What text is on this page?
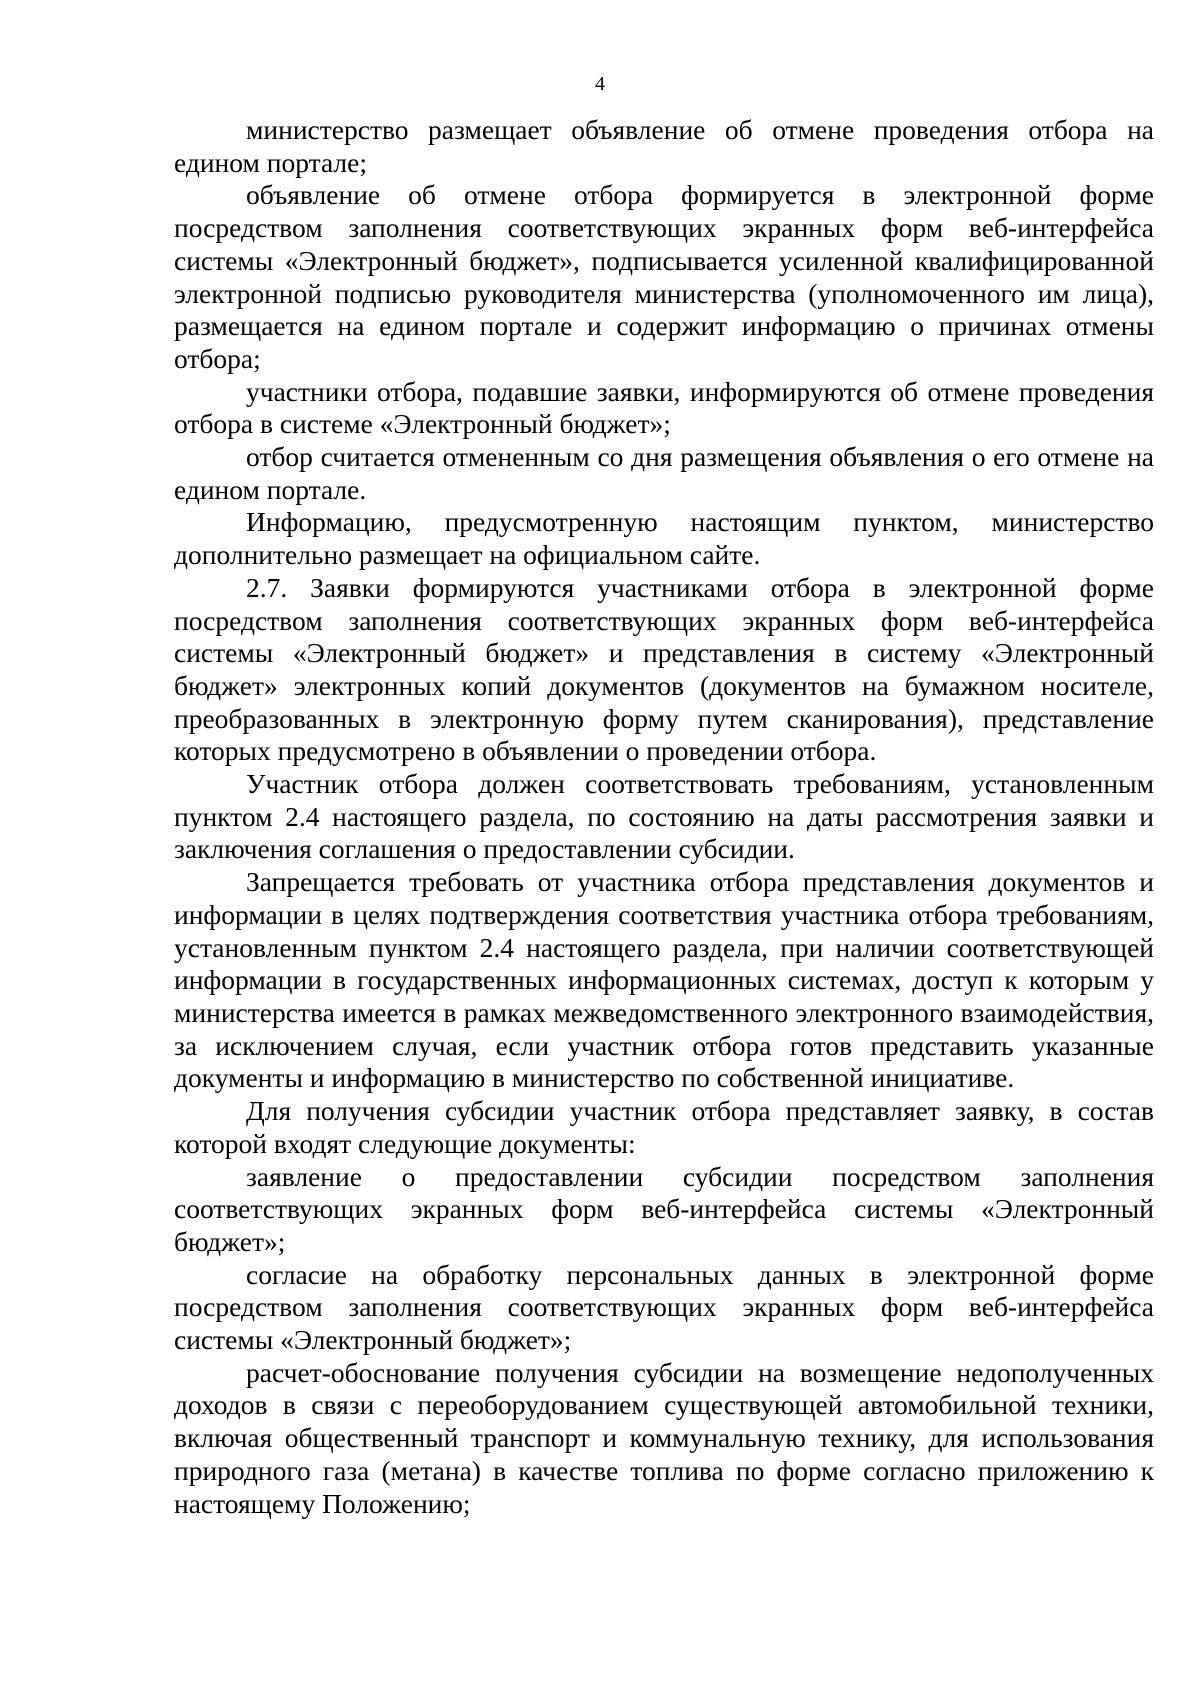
4

министерство размещает объявление об отмене проведения отбора на едином портале;

объявление об отмене отбора формируется в электронной форме посредством заполнения соответствующих экранных форм веб-интерфейса системы «Электронный бюджет», подписывается усиленной квалифицированной электронной подписью руководителя министерства (уполномоченного им лица), размещается на едином портале и содержит информацию о причинах отмены отбора;

участники отбора, подавшие заявки, информируются об отмене проведения отбора в системе «Электронный бюджет»;

отбор считается отмененным со дня размещения объявления о его отмене на едином портале.

Информацию, предусмотренную настоящим пунктом, министерство дополнительно размещает на официальном сайте.

2.7. Заявки формируются участниками отбора в электронной форме посредством заполнения соответствующих экранных форм веб-интерфейса системы «Электронный бюджет» и представления в систему «Электронный бюджет» электронных копий документов (документов на бумажном носителе, преобразованных в электронную форму путем сканирования), представление которых предусмотрено в объявлении о проведении отбора.

Участник отбора должен соответствовать требованиям, установленным пунктом 2.4 настоящего раздела, по состоянию на даты рассмотрения заявки и заключения соглашения о предоставлении субсидии.

Запрещается требовать от участника отбора представления документов и информации в целях подтверждения соответствия участника отбора требованиям, установленным пунктом 2.4 настоящего раздела, при наличии соответствующей информации в государственных информационных системах, доступ к которым у министерства имеется в рамках межведомственного электронного взаимодействия, за исключением случая, если участник отбора готов представить указанные документы и информацию в министерство по собственной инициативе.

Для получения субсидии участник отбора представляет заявку, в состав которой входят следующие документы:

заявление о предоставлении субсидии посредством заполнения соответствующих экранных форм веб-интерфейса системы «Электронный бюджет»;

согласие на обработку персональных данных в электронной форме посредством заполнения соответствующих экранных форм веб-интерфейса системы «Электронный бюджет»;

расчет-обоснование получения субсидии на возмещение недополученных доходов в связи с переоборудованием существующей автомобильной техники, включая общественный транспорт и коммунальную технику, для использования природного газа (метана) в качестве топлива по форме согласно приложению к настоящему Положению;
